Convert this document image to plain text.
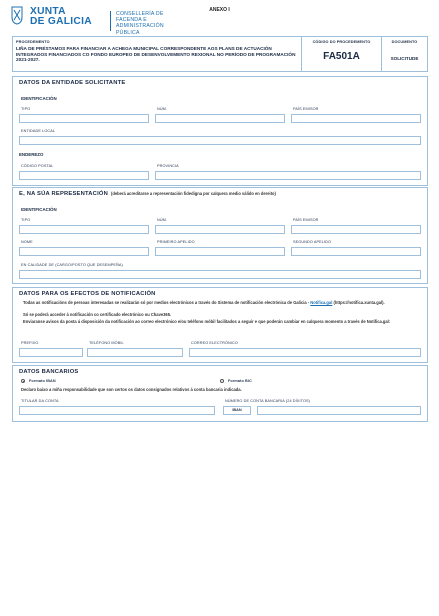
XUNTA
DE GALICIA
CONSELLERÍA DE
FACENDA E
ADMINISTRACIÓN PÚBLICA
ANEXO I
PROCEDEMENTO
LIÑA DE PRÉSTAMOS PARA FINANCIAR A ACHEGA MUNICIPAL CORRESPONDENTE AOS PLANS DE ACTUACIÓN INTEGRADOS FINANCIADOS CO FONDO EUROPEO DE DESENVOLVEMENTO REXIONAL NO PERÍODO DE PROGRAMACIÓN 2021-2027.
CÓDIGO DO PROCEDEMENTO
FA501A
DOCUMENTO
SOLICITUDE
DATOS DA ENTIDADE SOLICITANTE
IDENTIFICACIÓN
TIPO	NÚM.	PAÍS EMISOR
ENTIDADE LOCAL
ENDEREZO
CÓDIGO POSTAL	PROVINCIA
E, NA SÚA REPRESENTACIÓN (deberá acreditarse a representación fidedigna por calquera medio válido en dereito)
IDENTIFICACIÓN
TIPO	NÚM.	PAÍS EMISOR
NOME	PRIMEIRO APELIDO	SEGUNDO APELIDO
EN CALIDADE DE (CARGO/POSTO QUE DESEMPEÑA)
DATOS PARA OS EFECTOS DE NOTIFICACIÓN
Todas as notificacións de persoas interesadas se realizarán só por medios electrónicos a través do Sistema de notificación electrónica de Galicia - Notifica.gal (https://notifica.xunta.gal).
Só se poderá acceder á notificación co certificado electrónico ou Chave365.
Enviaranse avisos da posta á disposición da notificación ao correo electrónico e/ou teléfono móbil facilitados a seguir e que poderán cambiar en calquera momento a través de Notifica.gal:
PREFIXO	TELÉFONO MÓBIL	CORREO ELECTRÓNICO
DATOS BANCARIOS
Formato IBAN	Formato BIC
Declaro baixo a miña responsabilidade que son certos os datos consignados relativos á conta bancaria indicada.
TITULAR DA CONTA	NÚMERO DE CONTA BANCARIA (24 DÍXITOS)
IBAN
